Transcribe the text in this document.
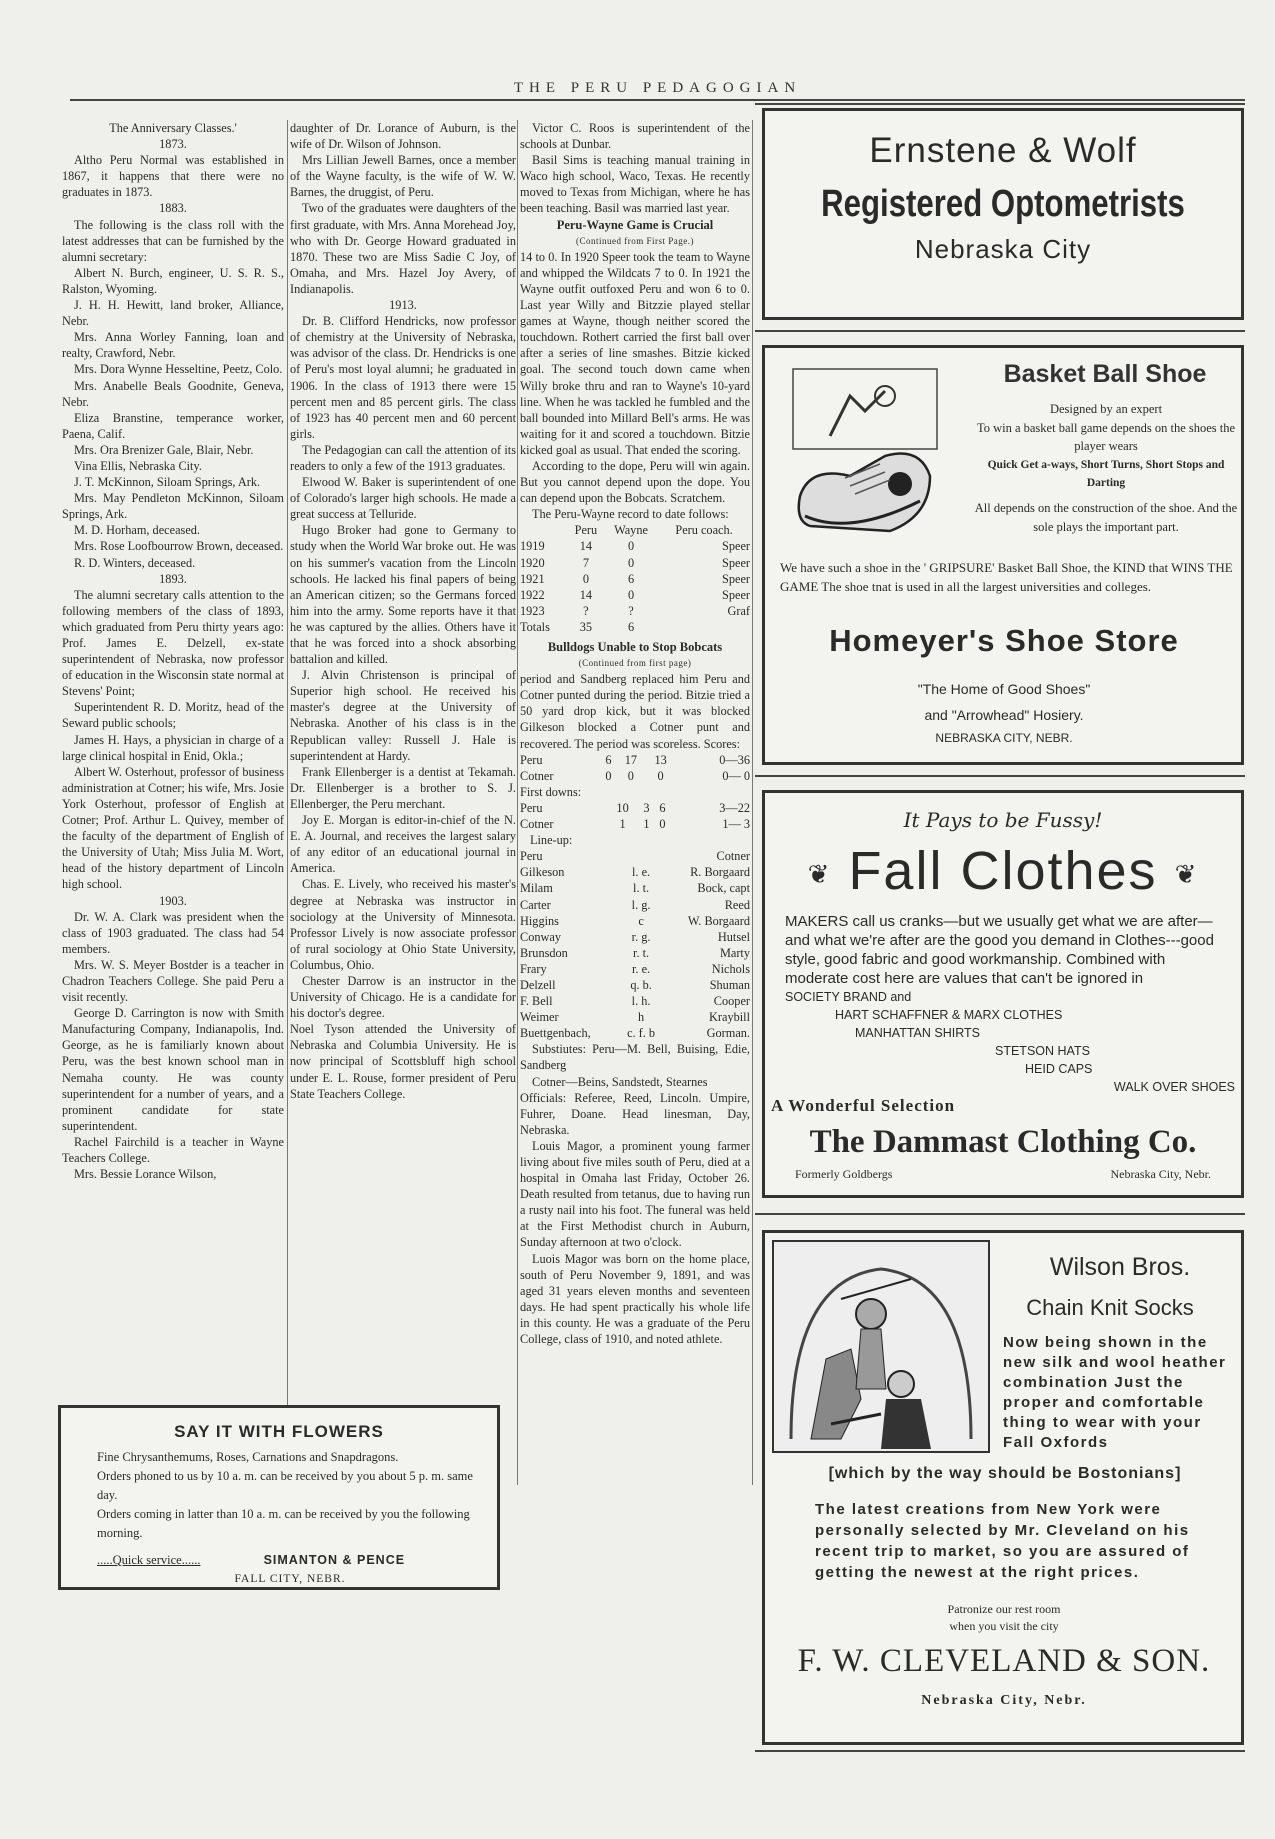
THE PERU PEDAGOGIAN

The Anniversary Classes.'

1873.

Altho Peru Normal was established in 1867, it happens that there were no graduates in 1873.

1883.

The following is the class roll with the latest addresses that can be furnished by the alumni secretary:

Albert N. Burch, engineer, U. S. R. S., Ralston, Wyoming.

J. H. H. Hewitt, land broker, Alliance, Nebr.

Mrs. Anna Worley Fanning, loan and realty, Crawford, Nebr.

Mrs. Dora Wynne Hesseltine, Peetz, Colo.

Mrs. Anabelle Beals Goodnite, Geneva, Nebr.

Eliza Branstine, temperance worker, Paena, Calif.

Mrs. Ora Brenizer Gale, Blair, Nebr.

Vina Ellis, Nebraska City.

J. T. McKinnon, Siloam Springs, Ark.

Mrs. May Pendleton McKinnon, Siloam Springs, Ark.

M. D. Horham, deceased.

Mrs. Rose Loofbourrow Brown, deceased.

R. D. Winters, deceased.

1893.

The alumni secretary calls attention to the following members of the class of 1893, which graduated from Peru thirty years ago: Prof. James E. Delzell, ex-state superintendent of Nebraska, now professor of education in the Wisconsin state normal at Stevens' Point;

Superintendent R. D. Moritz, head of the Seward public schools;

James H. Hays, a physician in charge of a large clinical hospital in Enid, Okla.;

Albert W. Osterhout, professor of business administration at Cotner; his wife, Mrs. Josie York Osterhout, professor of English at Cotner; Prof. Arthur L. Quivey, member of the faculty of the department of English of the University of Utah; Miss Julia M. Wort, head of the history department of Lincoln high school.

1903.

Dr. W. A. Clark was president when the class of 1903 graduated. The class had 54 members.

Mrs. W. S. Meyer Bostder is a teacher in Chadron Teachers College. She paid Peru a visit recently.

George D. Carrington is now with Smith Manufacturing Company, Indianapolis, Ind. George, as he is familiarly known about Peru, was the best known school man in Nemaha county. He was county superintendent for a number of years, and a prominent candidate for state superintendent.

Rachel Fairchild is a teacher in Wayne Teachers College.

Mrs. Bessie Lorance Wilson,

daughter of Dr. Lorance of Auburn, is the wife of Dr. Wilson of Johnson.

Mrs Lillian Jewell Barnes, once a member of the Wayne faculty, is the wife of W. W. Barnes, the druggist, of Peru.

Two of the graduates were daughters of the first graduate, with Mrs. Anna Morehead Joy, who with Dr. George Howard graduated in 1870. These two are Miss Sadie C Joy, of Omaha, and Mrs. Hazel Joy Avery, of Indianapolis.

1913.

Dr. B. Clifford Hendricks, now professor of chemistry at the University of Nebraska, was advisor of the class. Dr. Hendricks is one of Peru's most loyal alumni; he graduated in 1906. In the class of 1913 there were 15 percent men and 85 percent girls. The class of 1923 has 40 percent men and 60 percent girls.

The Pedagogian can call the attention of its readers to only a few of the 1913 graduates.

Elwood W. Baker is superintendent of one of Colorado's larger high schools. He made a great success at Telluride.

Hugo Broker had gone to Germany to study when the World War broke out. He was on his summer's vacation from the Lincoln schools. He lacked his final papers of being an American citizen; so the Germans forced him into the army. Some reports have it that he was captured by the allies. Others have it that he was forced into a shock absorbing battalion and killed.

J. Alvin Christenson is principal of Superior high school. He received his master's degree at the University of Nebraska. Another of his class is in the Republican valley: Russell J. Hale is superintendent at Hardy.

Frank Ellenberger is a dentist at Tekamah. Dr. Ellenberger is a brother to S. J. Ellenberger, the Peru merchant.

Joy E. Morgan is editor-in-chief of the N. E. A. Journal, and receives the largest salary of any editor of an educational journal in America.

Chas. E. Lively, who received his master's degree at Nebraska was instructor in sociology at the University of Minnesota. Professor Lively is now associate professor of rural sociology at Ohio State University, Columbus, Ohio.

Chester Darrow is an instructor in the University of Chicago. He is a candidate for his doctor's degree.

Noel Tyson attended the University of Nebraska and Columbia University. He is now principal of Scottsbluff high school under E. L. Rouse, former president of Peru State Teachers College.

Victor C. Roos is superintendent of the schools at Dunbar.

Basil Sims is teaching manual training in Waco high school, Waco, Texas. He recently moved to Texas from Michigan, where he has been teaching. Basil was married last year.

Peru-Wayne Game is Crucial

(Continued from First Page.)

14 to 0. In 1920 Speer took the team to Wayne and whipped the Wildcats 7 to 0. In 1921 the Wayne outfit outfoxed Peru and won 6 to 0. Last year Willy and Bitzzie played stellar games at Wayne, though neither scored the touchdown. Rothert carried the first ball over after a series of line smashes. Bitzie kicked goal. The second touch down came when Willy broke thru and ran to Wayne's 10-yard line. When he was tackled he fumbled and the ball bounded into Millard Bell's arms. He was waiting for it and scored a touchdown. Bitzie kicked goal as usual. That ended the scoring.

According to the dope, Peru will win again. But you cannot depend upon the dope. You can depend upon the Bobcats. Scratchem.

The Peru-Wayne record to date follows:

	Peru	Wayne	Peru coach.
1919	14	0	Speer
1920	7	0	Speer
1921	0	6	Speer
1922	14	0	Speer
1923	?	?	Graf
Totals	35	6	

Bulldogs Unable to Stop Bobcats

(Continued from first page)

period and Sandberg replaced him Peru and Cotner punted during the period. Bitzie tried a 50 yard drop kick, but it was blocked Gilkeson blocked a Cotner punt and recovered. The period was scoreless. Scores:

Peru	6	17	13	0—36
Cotner	0	0	0	0— 0

First downs:

Peru	10	3	6	3—22
Cotner	1	1	0	1— 3

Line-up:

Peru		Cotner
Gilkeson	l. e.	R. Borgaard
Milam	l. t.	Bock, capt
Carter	l. g.	Reed
Higgins	c	W. Borgaard
Conway	r. g.	Hutsel
Brunsdon	r. t.	Marty
Frary	r. e.	Nichols
Delzell	q. b.	Shuman
F. Bell	l. h.	Cooper
Weimer	h	Kraybill
Buettgenbach,	c. f. b	Gorman.

Substiutes: Peru—M. Bell, Buising, Edie, Sandberg

Cotner—Beins, Sandstedt, Stearnes

Officials: Referee, Reed, Lincoln. Umpire, Fuhrer, Doane. Head linesman, Day, Nebraska.

Louis Magor, a prominent young farmer living about five miles south of Peru, died at a hospital in Omaha last Friday, October 26. Death resulted from tetanus, due to having run a rusty nail into his foot. The funeral was held at the First Methodist church in Auburn, Sunday afternoon at two o'clock.

Luois Magor was born on the home place, south of Peru November 9, 1891, and was aged 31 years eleven months and seventeen days. He had spent practically his whole life in this county. He was a graduate of the Peru College, class of 1910, and noted athlete.

SAY IT WITH FLOWERS

Fine Chrysanthemums, Roses, Carnations and Snapdragons.

Orders phoned to us by 10 a. m. can be received by you about 5 p. m. same day.

Orders coming in latter than 10 a. m. can be received by you the following morning.

.....Quick service......	SIMANTON & PENCE

FALL CITY, NEBR.

Ernstene & Wolf
Registered Optometrists
Nebraska City
Basket Ball Shoe
Designed by an expert
To win a basket ball game depends on the shoes the player wears
Quick Get a-ways, Short Turns, Short Stops and Darting
All depends on the construction of the shoe. And the sole plays the important part.
We have such a shoe in the ' GRIPSURE' Basket Ball Shoe, the KIND that WINS THE GAME The shoe tnat is used in all the largest universities and colleges.
Homeyer's Shoe Store
"The Home of Good Shoes"
and "Arrowhead" Hosiery.
NEBRASKA CITY, NEBR.
It Pays to be Fussy!
❦ Fall Clothes ❦
MAKERS call us cranks—but we usually get what we are after—and what we're after are the good you demand in Clothes---good style, good fabric and good workmanship. Combined with moderate cost here are values that can't be ignored in
SOCIETY BRAND and
HART SCHAFFNER & MARX CLOTHES
MANHATTAN SHIRTS
STETSON HATS
HEID CAPS
WALK OVER SHOES
A Wonderful Selection
The Dammast Clothing Co.
Formerly Goldbergs	Nebraska City, Nebr.
Wilson Bros.
Chain Knit Socks
Now being shown in the new silk and wool heather combination Just the proper and comfortable thing to wear with your Fall Oxfords
[which by the way should be Bostonians]
The latest creations from New York were personally selected by Mr. Cleveland on his recent trip to market, so you are assured of getting the newest at the right prices.
Patronize our rest room
when you visit the city
F. W. CLEVELAND & SON.
Nebraska City, Nebr.
